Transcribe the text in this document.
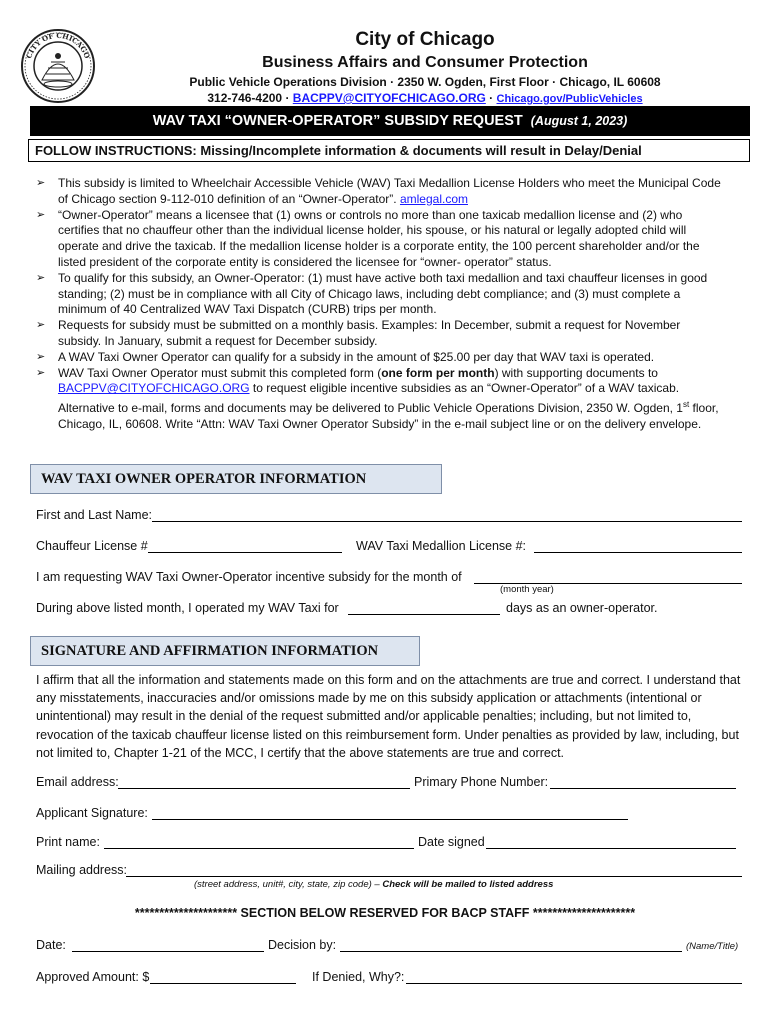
CITY OF CHICAGO
City of Chicago
Business Affairs and Consumer Protection
Public Vehicle Operations Division · 2350 W. Ogden, First Floor · Chicago, IL 60608
312-746-4200 · BACPPV@CITYOFCHICAGO.ORG · Chicago.gov/PublicVehicles
WAV TAXI “OWNER-OPERATOR” SUBSIDY REQUEST (August 1, 2023)
FOLLOW INSTRUCTIONS: Missing/Incomplete information & documents will result in Delay/Denial
➢ This subsidy is limited to Wheelchair Accessible Vehicle (WAV) Taxi Medallion License Holders who meet the Municipal Code of Chicago section 9-112-010 definition of an “Owner-Operator”. amlegal.com
➢ “Owner-Operator” means a licensee that (1) owns or controls no more than one taxicab medallion license and (2) who certifies that no chauffeur other than the individual license holder, his spouse, or his natural or legally adopted child will operate and drive the taxicab. If the medallion license holder is a corporate entity, the 100 percent shareholder and/or the listed president of the corporate entity is considered the licensee for “owner- operator” status.
➢ To qualify for this subsidy, an Owner-Operator: (1) must have active both taxi medallion and taxi chauffeur licenses in good standing; (2) must be in compliance with all City of Chicago laws, including debt compliance; and (3) must complete a minimum of 40 Centralized WAV Taxi Dispatch (CURB) trips per month.
➢ Requests for subsidy must be submitted on a monthly basis. Examples: In December, submit a request for November subsidy. In January, submit a request for December subsidy.
➢ A WAV Taxi Owner Operator can qualify for a subsidy in the amount of $25.00 per day that WAV taxi is operated.
➢ WAV Taxi Owner Operator must submit this completed form (one form per month) with supporting documents to BACPPV@CITYOFCHICAGO.ORG to request eligible incentive subsidies as an “Owner-Operator” of a WAV taxicab. Alternative to e-mail, forms and documents may be delivered to Public Vehicle Operations Division, 2350 W. Ogden, 1st floor, Chicago, IL, 60608. Write “Attn: WAV Taxi Owner Operator Subsidy” in the e-mail subject line or on the delivery envelope.
WAV TAXI OWNER OPERATOR INFORMATION
First and Last Name:
Chauffeur License #	WAV Taxi Medallion License #:
I am requesting WAV Taxi Owner-Operator incentive subsidy for the month of
(month year)
During above listed month, I operated my WAV Taxi for	days as an owner-operator.
SIGNATURE AND AFFIRMATION INFORMATION
I affirm that all the information and statements made on this form and on the attachments are true and correct. I understand that any misstatements, inaccuracies and/or omissions made by me on this subsidy application or attachments (intentional or unintentional) may result in the denial of the request submitted and/or applicable penalties; including, but not limited to, revocation of the taxicab chauffeur license listed on this reimbursement form. Under penalties as provided by law, including, but not limited to, Chapter 1-21 of the MCC, I certify that the above statements are true and correct.
Email address:	Primary Phone Number:
Applicant Signature:
Print name:	Date signed
Mailing address:
(street address, unit#, city, state, zip code) – Check will be mailed to listed address
********************* SECTION BELOW RESERVED FOR BACP STAFF *********************
Date:	Decision by:	(Name/Title)
Approved Amount: $	If Denied, Why?:
